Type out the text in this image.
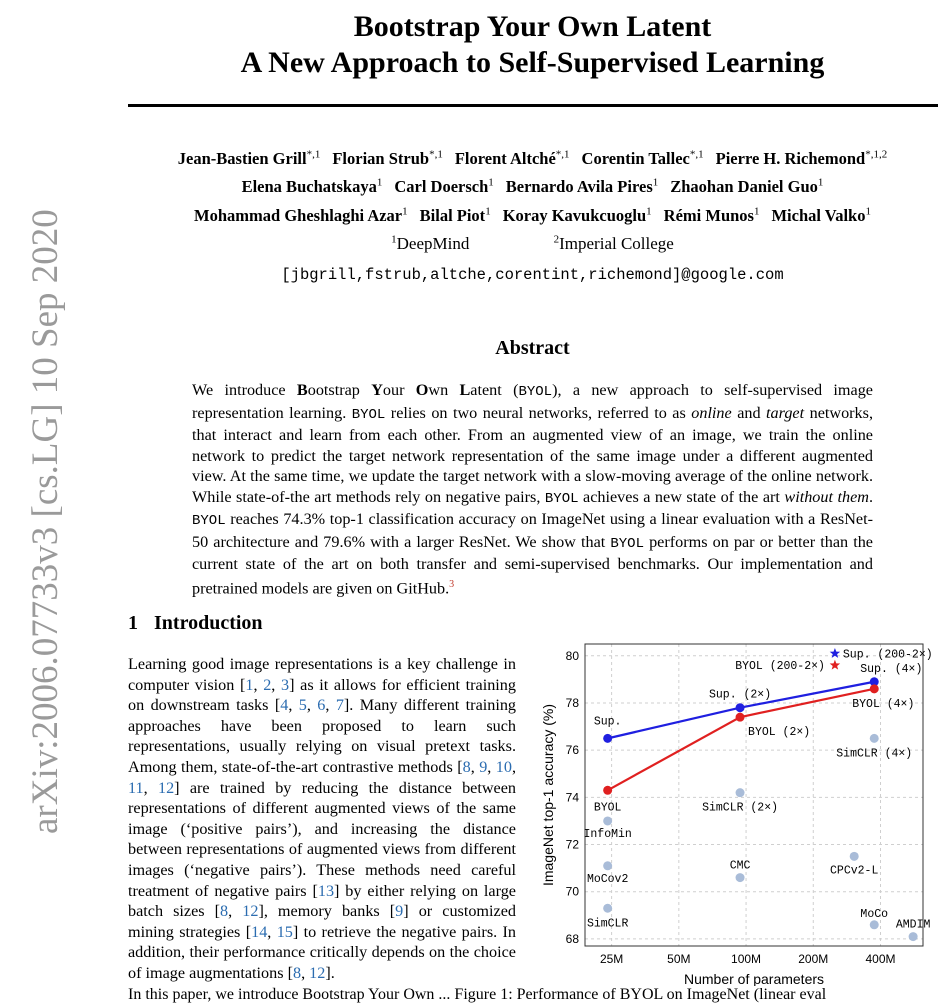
arXiv:2006.07733v3 [cs.LG] 10 Sep 2020
Bootstrap Your Own Latent
A New Approach to Self-Supervised Learning
Jean-Bastien Grill$^{*,1}$ Florian Strub$^{*,1}$ Florent Altché$^{*,1}$ Corentin Tallec$^{*,1}$ Pierre H. Richemond$^{*,1,2}$
Elena Buchatskaya$^1$ Carl Doersch$^1$ Bernardo Avila Pires$^1$ Zhaohan Daniel Guo$^1$
Mohammad Gheshlaghi Azar$^1$ Bilal Piot$^1$ Koray Kavukcuoglu$^1$ Rémi Munos$^1$ Michal Valko$^1$
$^1$DeepMind	$^2$Imperial College
[jbgrill,fstrub,altche,corentint,richemond]@google.com
Abstract
We introduce Bootstrap Your Own Latent (BYOL), a new approach to self-supervised image representation learning. BYOL relies on two neural networks, referred to as online and target networks, that interact and learn from each other. From an augmented view of an image, we train the online network to predict the target network representation of the same image under a different augmented view. At the same time, we update the target network with a slow-moving average of the online network. While state-of-the art methods rely on negative pairs, BYOL achieves a new state of the art without them. BYOL reaches 74.3% top-1 classification accuracy on ImageNet using a linear evaluation with a ResNet-50 architecture and 79.6% with a larger ResNet. We show that BYOL performs on par or better than the current state of the art on both transfer and semi-supervised benchmarks. Our implementation and pretrained models are given on GitHub.$^3$
1 Introduction
Learning good image representations is a key challenge in computer vision [1, 2, 3] as it allows for efficient training on downstream tasks [4, 5, 6, 7]. Many different training approaches have been proposed to learn such representations, usually relying on visual pretext tasks. Among them, state-of-the-art contrastive methods [8, 9, 10, 11, 12] are trained by reducing the distance between representations of different augmented views of the same image (‘positive pairs’), and increasing the distance between representations of augmented views from different images (‘negative pairs’). These methods need careful treatment of negative pairs [13] by either relying on large batch sizes [8, 12], memory banks [9] or customized mining strategies [14, 15] to retrieve the negative pairs. In addition, their performance critically depends on the choice of image augmentations [8, 12].
68
70
72
74
76
78
80
25M	50M	100M	200M	400M
Number of parameters
ImageNet top-1 accuracy (%)	Sup.
Sup. (2×)
Sup. (4×)
BYOL
BYOL (2×)
BYOL (4×)
Sup. (200-2×)
BYOL (200-2×)
InfoMin
MoCov2
SimCLR
SimCLR (2×)
CMC
SimCLR (4×)
CPCv2-L
MoCo
AMDIM
In this paper, we introduce Bootstrap Your Own ... Figure 1: Performance of BYOL on ImageNet (linear eval
